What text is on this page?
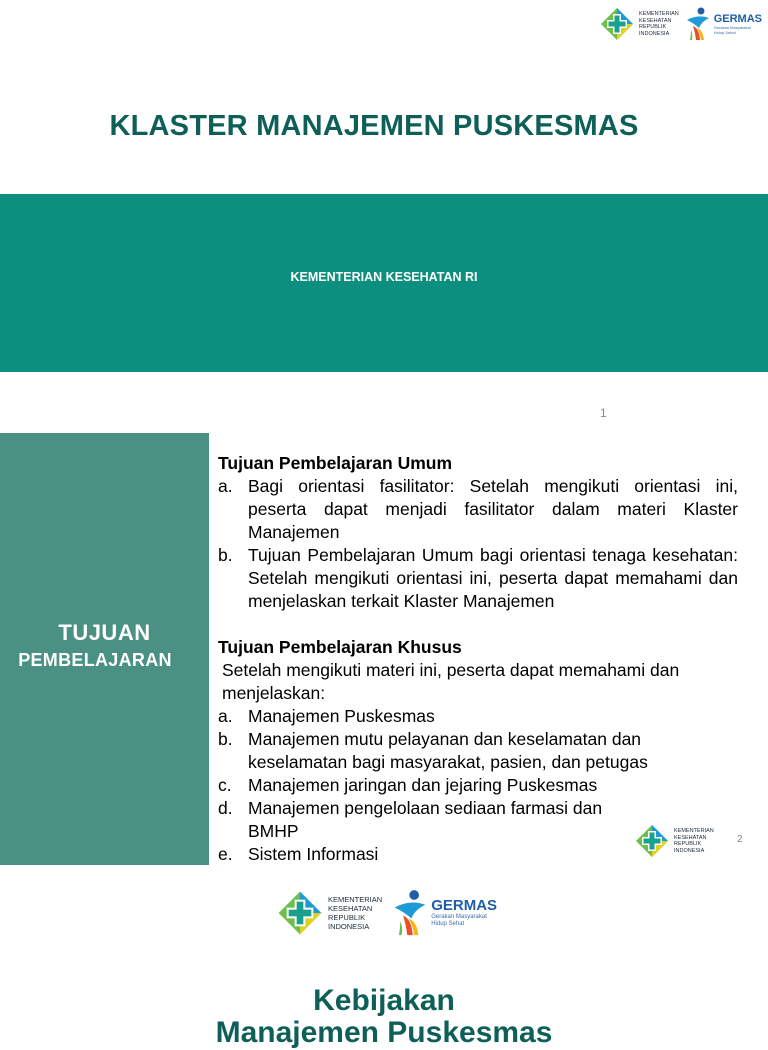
KEMENTERIAN
KESEHATAN
REPUBLIK
INDONESIA
GERMAS
Gerakan Masyarakat
Hidup Sehat
KLASTER MANAJEMEN PUSKESMAS
KEMENTERIAN KESEHATAN RI
1
TUJUAN
PEMBELAJARAN
Tujuan Pembelajaran Umum
a. Bagi orientasi fasilitator: Setelah mengikuti orientasi ini, peserta dapat menjadi fasilitator dalam materi Klaster Manajemen
b. Tujuan Pembelajaran Umum bagi orientasi tenaga kesehatan: Setelah mengikuti orientasi ini, peserta dapat memahami dan menjelaskan terkait Klaster Manajemen
Tujuan Pembelajaran Khusus
Setelah mengikuti materi ini, peserta dapat memahami dan menjelaskan:
a. Manajemen Puskesmas
b. Manajemen mutu pelayanan dan keselamatan dan keselamatan bagi masyarakat, pasien, dan petugas
c. Manajemen jaringan dan jejaring Puskesmas
d. Manajemen pengelolaan sediaan farmasi dan BMHP
e. Sistem Informasi
KEMENTERIAN
KESEHATAN
REPUBLIK
INDONESIA
2
KEMENTERIAN
KESEHATAN
REPUBLIK
INDONESIA
GERMAS
Gerakan Masyarakat
Hidup Sehat
Kebijakan
Manajemen Puskesmas
